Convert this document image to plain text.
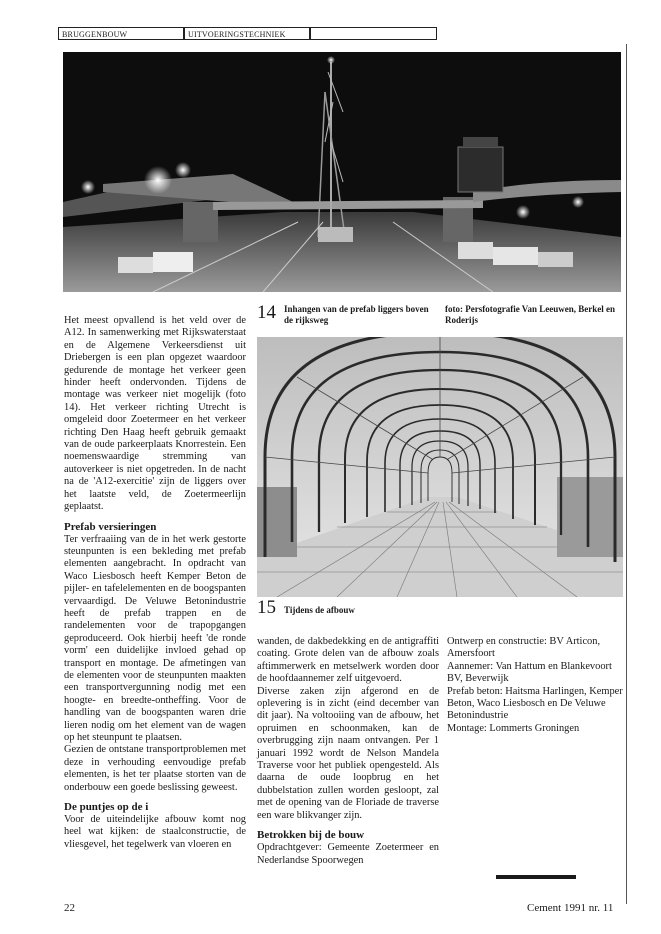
BRUGGENBOUW	UITVOERINGSTECHNIEK
14 Inhangen van de prefab liggers boven de rijksweg
foto: Persfotografie Van Leeuwen, Berkel en Roderijs
15 Tijdens de afbouw

Het meest opvallend is het veld over de A12. In samenwerking met Rijkswaterstaat en de Algemene Verkeersdienst uit Driebergen is een plan opgezet waardoor gedurende de montage het verkeer geen hinder heeft ondervonden. Tijdens de montage was verkeer niet mogelijk (foto 14). Het verkeer richting Utrecht is omgeleid door Zoetermeer en het verkeer richting Den Haag heeft gebruik gemaakt van de oude parkeerplaats Knorrestein. Een noemenswaardige stremming van autoverkeer is niet opgetreden. In de nacht na de 'A12-exercitie' zijn de liggers over het laatste veld, de Zoetermeerlijn geplaatst.

Prefab versieringen

Ter verfraaiing van de in het werk gestorte steunpunten is een bekleding met prefab elementen aangebracht. In opdracht van Waco Liesbosch heeft Kemper Beton de pijler- en tafelelementen en de boogspanten vervaardigd. De Veluwe Betonindustrie heeft de prefab trappen en de randelementen voor de trapopgangen geproduceerd. Ook hierbij heeft 'de ronde vorm' een duidelijke invloed gehad op transport en montage. De afmetingen van de elementen voor de steunpunten maakten een transportvergunning nodig met een hoogte- en breedte-ontheffing. Voor de handling van de boogspanten waren drie lieren nodig om het element van de wagen op het steunpunt te plaatsen.

Gezien de ontstane transportproblemen met deze in verhouding eenvoudige prefab elementen, is het ter plaatse storten van de onderbouw een goede beslissing geweest.

De puntjes op de i

Voor de uiteindelijke afbouw komt nog heel wat kijken: de staalconstructie, de vliesgevel, het tegelwerk van vloeren en

wanden, de dakbedekking en de antigraffiti coating. Grote delen van de afbouw zoals aftimmerwerk en metselwerk worden door de hoofdaannemer zelf uitgevoerd.

Diverse zaken zijn afgerond en de oplevering is in zicht (eind december van dit jaar). Na voltooiing van de afbouw, het opruimen en schoonmaken, kan de overbrugging zijn naam ontvangen. Per 1 januari 1992 wordt de Nelson Mandela Traverse voor het publiek opengesteld. Als daarna de oude loopbrug en het dubbelstation zullen worden gesloopt, zal met de opening van de Floriade de traverse een ware blikvanger zijn.

Betrokken bij de bouw

Opdrachtgever: Gemeente Zoetermeer en Nederlandse Spoorwegen

Ontwerp en constructie: BV Articon, Amersfoort

Aannemer: Van Hattum en Blankevoort BV, Beverwijk

Prefab beton: Haitsma Harlingen, Kemper Beton, Waco Liesbosch en De Veluwe Betonindustrie

Montage: Lommerts Groningen

22	Cement 1991 nr. 11
